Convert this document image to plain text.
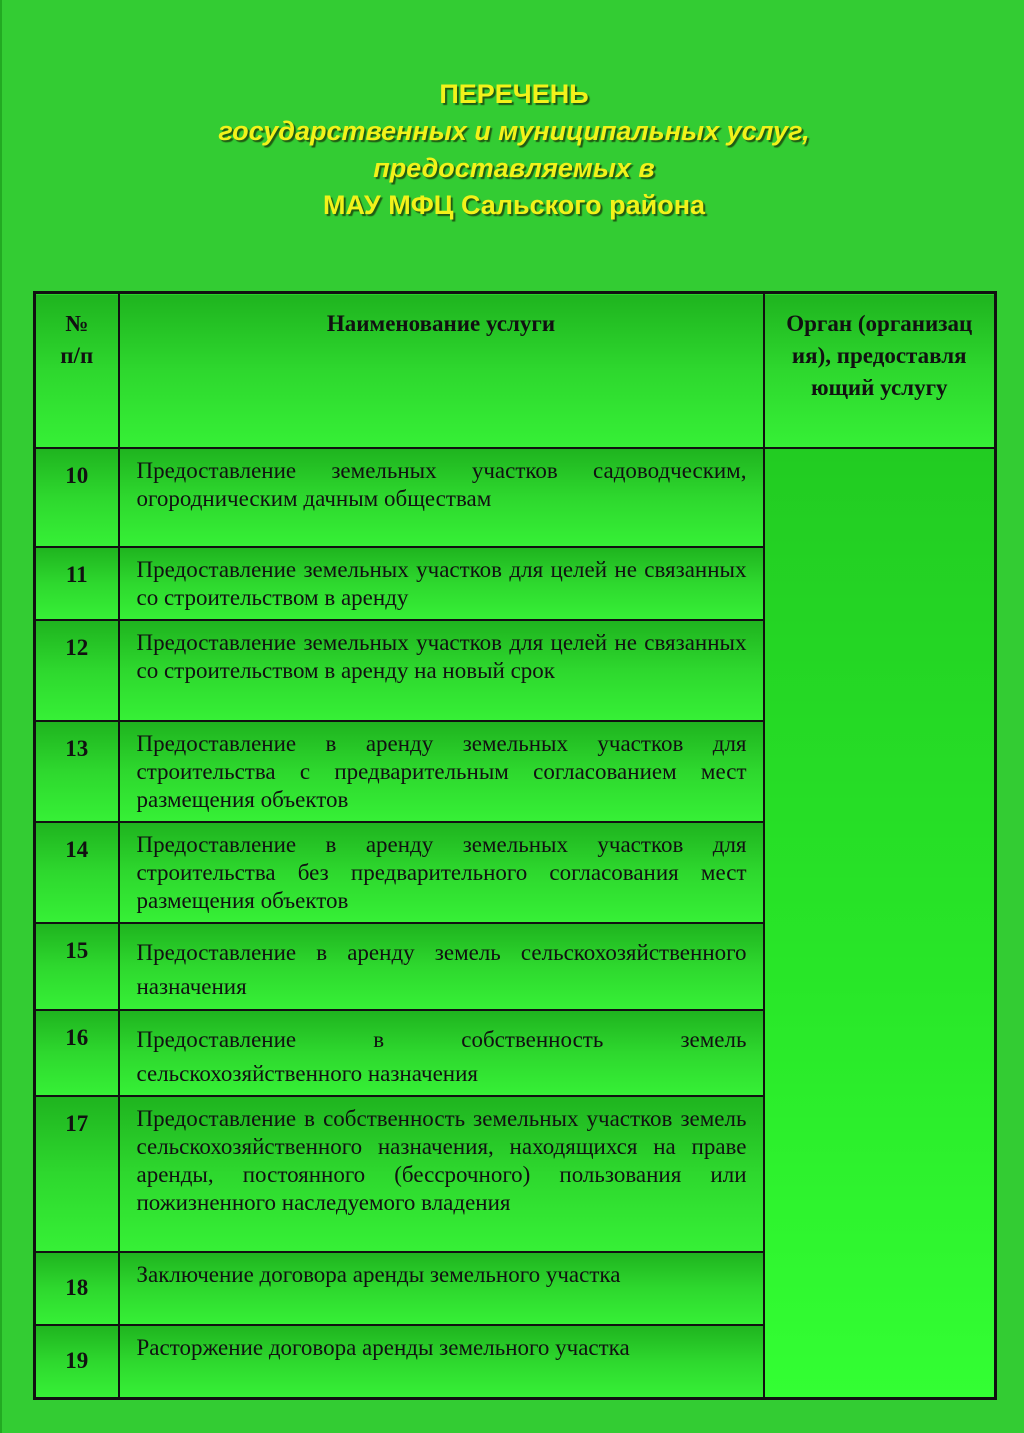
ПЕРЕЧЕНЬ
государственных и муниципальных услуг,
предоставляемых в
МАУ МФЦ Сальского района
№ п/п	Наименование услуги	Орган (организация), предоставляющий услугу

10	Предоставление земельных участков садоводческим, огородническим дачным обществам	
11	Предоставление земельных участков для целей не связанных со строительством в аренду	
12	Предоставление земельных участков для целей не связанных со строительством в аренду на новый срок	
13	Предоставление в аренду земельных участков для строительства с предварительным согласованием мест размещения объектов	
14	Предоставление в аренду земельных участков для строительства без предварительного согласования мест размещения объектов	
15	Предоставление в аренду земель сельскохозяйственного назначения	
16	Предоставление в собственность земель сельскохозяйственного назначения	
17	Предоставление в собственность земельных участков земель сельскохозяйственного назначения, находящихся на праве аренды, постоянного (бессрочного) пользования или пожизненного наследуемого владения	
18	Заключение договора аренды земельного участка	
19	Расторжение договора аренды земельного участка	
